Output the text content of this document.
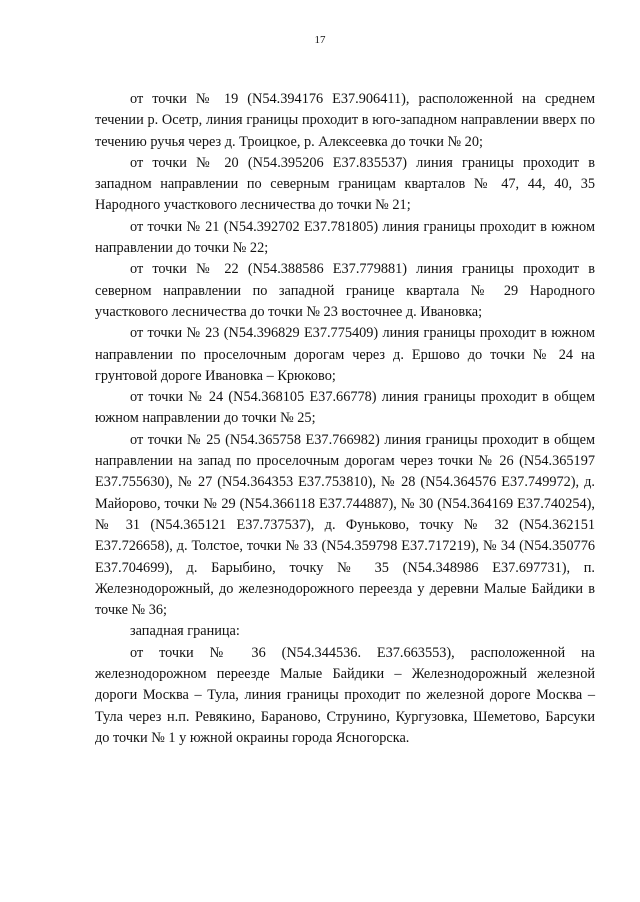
17

от точки № 19 (N54.394176 E37.906411), расположенной на среднем течении р. Осетр, линия границы проходит в юго-западном направлении вверх по течению ручья через д. Троицкое, р. Алексеевка до точки № 20;

от точки № 20 (N54.395206 E37.835537) линия границы проходит в западном направлении по северным границам кварталов № 47, 44, 40, 35 Народного участкового лесничества до точки № 21;

от точки № 21 (N54.392702 E37.781805) линия границы проходит в южном направлении до точки № 22;

от точки № 22 (N54.388586 E37.779881) линия границы проходит в северном направлении по западной границе квартала № 29 Народного участкового лесничества до точки № 23 восточнее д. Ивановка;

от точки № 23 (N54.396829 E37.775409) линия границы проходит в южном направлении по проселочным дорогам через д. Ершово до точки № 24 на грунтовой дороге Ивановка – Крюково;

от точки № 24 (N54.368105 E37.66778) линия границы проходит в общем южном направлении до точки № 25;

от точки № 25 (N54.365758 E37.766982) линия границы проходит в общем направлении на запад по проселочным дорогам через точки № 26 (N54.365197 E37.755630), № 27 (N54.364353 E37.753810), № 28 (N54.364576 E37.749972), д. Майорово, точки № 29 (N54.366118 E37.744887), № 30 (N54.364169 E37.740254), № 31 (N54.365121 E37.737537), д. Фуньково, точку № 32 (N54.362151 E37.726658), д. Толстое, точки № 33 (N54.359798 E37.717219), № 34 (N54.350776 E37.704699), д. Барыбино, точку № 35 (N54.348986 E37.697731), п. Железнодорожный, до железнодорожного переезда у деревни Малые Байдики в точке № 36;

западная граница:

от точки № 36 (N54.344536. E37.663553), расположенной на железнодорожном переезде Малые Байдики – Железнодорожный железной дороги Москва – Тула, линия границы проходит по железной дороге Москва – Тула через н.п. Ревякино, Бараново, Струнино, Кургузовка, Шеметово, Барсуки до точки № 1 у южной окраины города Ясногорска.
